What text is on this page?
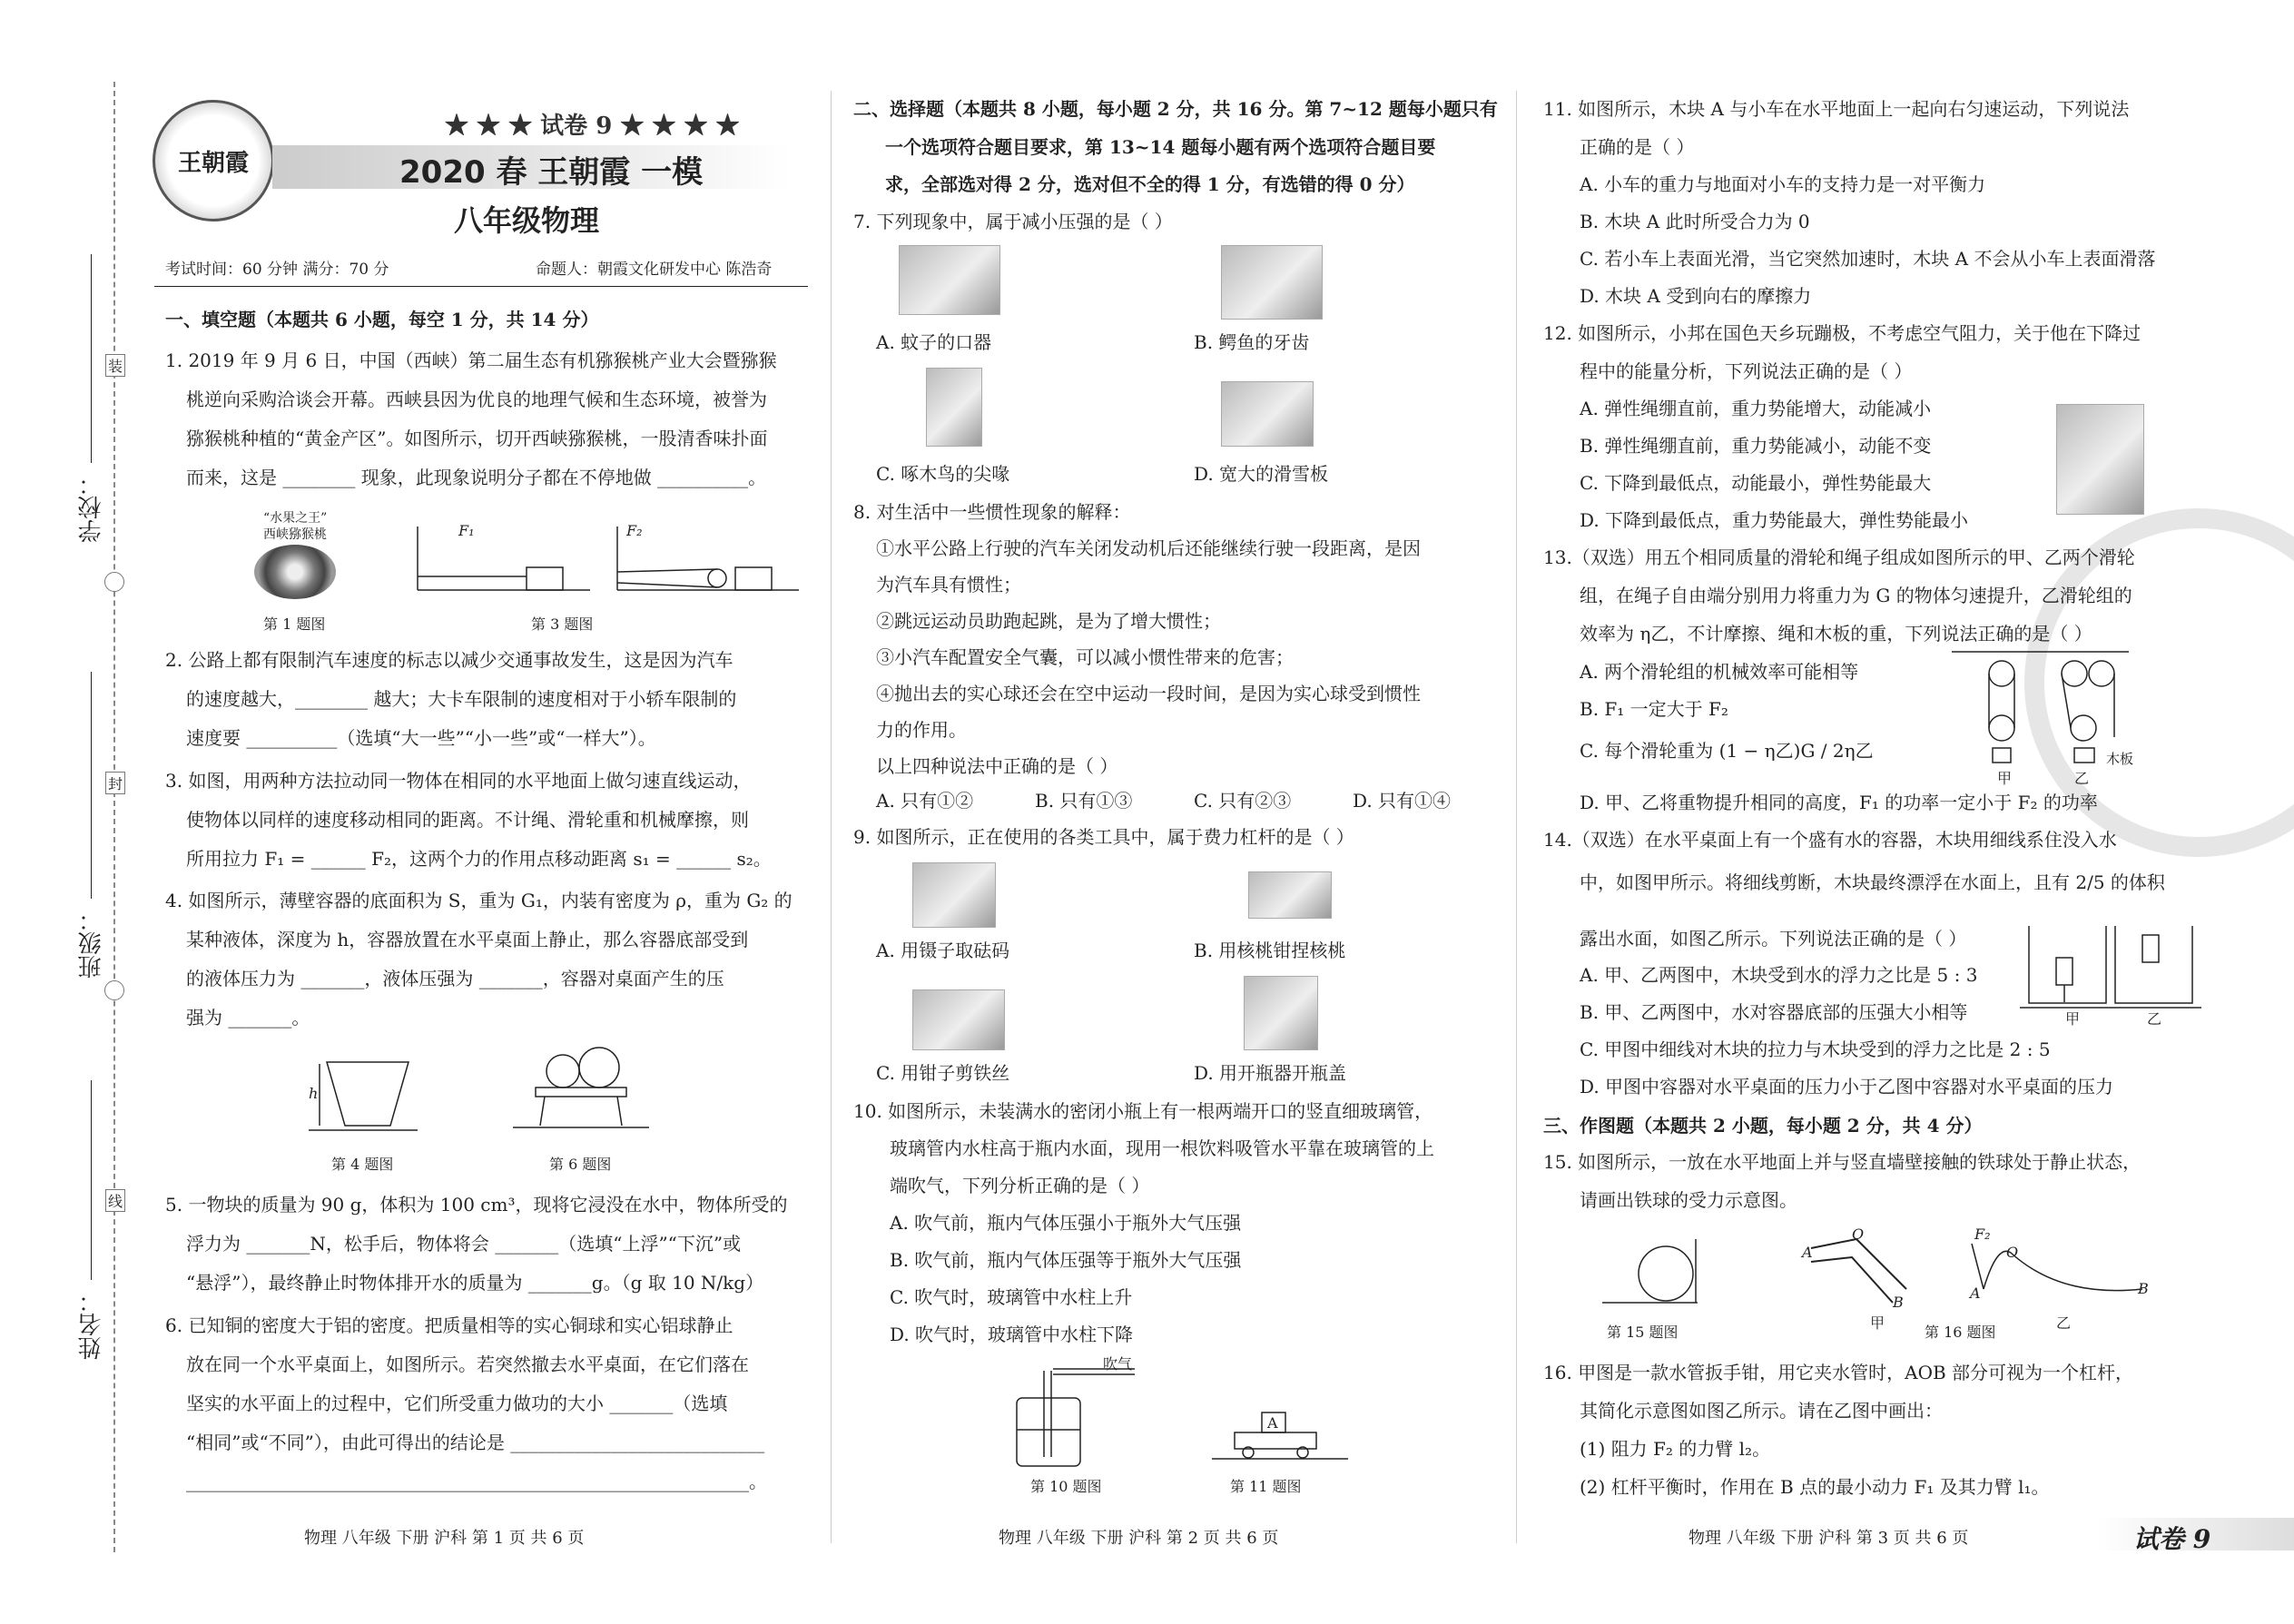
学校：
班级：
姓名：
装
封
线
王朝霞
★ ★ ★ 试卷 9 ★ ★ ★ ★
2020 春 王朝霞 一模
八年级物理
考试时间：60 分钟 满分：70 分	命题人：朝霞文化研发中心 陈浩奇
一、填空题（本题共 6 小题，每空 1 分，共 14 分）
1. 2019 年 9 月 6 日，中国（西峡）第二届生态有机猕猴桃产业大会暨猕猴
桃逆向采购洽谈会开幕。西峡县因为优良的地理气候和生态环境，被誉为
猕猴桃种植的“黄金产区”。如图所示，切开西峡猕猴桃，一股清香味扑面
而来，这是 ________ 现象，此现象说明分子都在不停地做 __________。
“水果之王”
西峡猕猴桃
第 1 题图
F₁	F₂
第 3 题图
2. 公路上都有限制汽车速度的标志以减少交通事故发生，这是因为汽车
的速度越大，________ 越大；大卡车限制的速度相对于小轿车限制的
速度要 __________（选填“大一些”“小一些”或“一样大”）。
3. 如图，用两种方法拉动同一物体在相同的水平地面上做匀速直线运动，
使物体以同样的速度移动相同的距离。不计绳、滑轮重和机械摩擦，则
所用拉力 F₁ = ______ F₂，这两个力的作用点移动距离 s₁ = ______ s₂。
4. 如图所示，薄壁容器的底面积为 S，重为 G₁，内装有密度为 ρ，重为 G₂ 的
某种液体，深度为 h，容器放置在水平桌面上静止，那么容器底部受到
的液体压力为 _______，液体压强为 _______，容器对桌面产生的压
强为 _______。
h
第 4 题图	第 6 题图
5. 一物块的质量为 90 g，体积为 100 cm³，现将它浸没在水中，物体所受的
浮力为 _______N，松手后，物体将会 _______（选填“上浮”“下沉”或
“悬浮”），最终静止时物体排开水的质量为 _______g。（g 取 10 N/kg）
6. 已知铜的密度大于铝的密度。把质量相等的实心铜球和实心铝球静止
放在同一个水平桌面上，如图所示。若突然撤去水平桌面，在它们落在
坚实的水平面上的过程中，它们所受重力做功的大小 _______（选填
“相同”或“不同”），由此可得出的结论是 ____________________________
______________________________________________________________。
物理 八年级 下册 沪科 第 1 页 共 6 页
二、选择题（本题共 8 小题，每小题 2 分，共 16 分。第 7~12 题每小题只有
一个选项符合题目要求，第 13~14 题每小题有两个选项符合题目要
求，全部选对得 2 分，选对但不全的得 1 分，有选错的得 0 分）
7. 下列现象中，属于减小压强的是（ ）
A. 蚊子的口器	B. 鳄鱼的牙齿
C. 啄木鸟的尖喙	D. 宽大的滑雪板
8. 对生活中一些惯性现象的解释：
①水平公路上行驶的汽车关闭发动机后还能继续行驶一段距离，是因
为汽车具有惯性；
②跳远运动员助跑起跳，是为了增大惯性；
③小汽车配置安全气囊，可以减小惯性带来的危害；
④抛出去的实心球还会在空中运动一段时间，是因为实心球受到惯性
力的作用。
以上四种说法中正确的是（ ）
A. 只有①②	B. 只有①③	C. 只有②③	D. 只有①④
9. 如图所示，正在使用的各类工具中，属于费力杠杆的是（ ）
A. 用镊子取砝码	B. 用核桃钳捏核桃
C. 用钳子剪铁丝	D. 用开瓶器开瓶盖
10. 如图所示，未装满水的密闭小瓶上有一根两端开口的竖直细玻璃管，
玻璃管内水柱高于瓶内水面，现用一根饮料吸管水平靠在玻璃管的上
端吹气，下列分析正确的是（ ）
A. 吹气前，瓶内气体压强小于瓶外大气压强
B. 吹气前，瓶内气体压强等于瓶外大气压强
C. 吹气时，玻璃管中水柱上升
D. 吹气时，玻璃管中水柱下降
吹气
第 10 题图
A
第 11 题图
物理 八年级 下册 沪科 第 2 页 共 6 页
11. 如图所示，木块 A 与小车在水平地面上一起向右匀速运动，下列说法
正确的是（ ）
A. 小车的重力与地面对小车的支持力是一对平衡力
B. 木块 A 此时所受合力为 0
C. 若小车上表面光滑，当它突然加速时，木块 A 不会从小车上表面滑落
D. 木块 A 受到向右的摩擦力
12. 如图所示，小邦在国色天乡玩蹦极，不考虑空气阻力，关于他在下降过
程中的能量分析，下列说法正确的是（ ）
A. 弹性绳绷直前，重力势能增大，动能减小
B. 弹性绳绷直前，重力势能减小，动能不变
C. 下降到最低点，动能最小，弹性势能最大
D. 下降到最低点，重力势能最大，弹性势能最小
13.（双选）用五个相同质量的滑轮和绳子组成如图所示的甲、乙两个滑轮
组，在绳子自由端分别用力将重力为 G 的物体匀速提升，乙滑轮组的
效率为 η乙，不计摩擦、绳和木板的重，下列说法正确的是（ ）
A. 两个滑轮组的机械效率可能相等
B. F₁ 一定大于 F₂
C. 每个滑轮重为 (1 − η乙)G / 2η乙
D. 甲、乙将重物提升相同的高度，F₁ 的功率一定小于 F₂ 的功率
甲	乙
木板
14.（双选）在水平桌面上有一个盛有水的容器，木块用细线系住没入水
中，如图甲所示。将细线剪断，木块最终漂浮在水面上，且有 2/5 的体积
露出水面，如图乙所示。下列说法正确的是（ ）
A. 甲、乙两图中，木块受到水的浮力之比是 5 : 3
B. 甲、乙两图中，水对容器底部的压强大小相等
C. 甲图中细线对木块的拉力与木块受到的浮力之比是 2 : 5
D. 甲图中容器对水平桌面的压力小于乙图中容器对水平桌面的压力
甲	乙
三、作图题（本题共 2 小题，每小题 2 分，共 4 分）
15. 如图所示，一放在水平地面上并与竖直墙壁接触的铁球处于静止状态，
请画出铁球的受力示意图。
第 15 题图
A
O
B
F₂
O
A	B
甲	乙
第 16 题图
16. 甲图是一款水管扳手钳，用它夹水管时，AOB 部分可视为一个杠杆，
其简化示意图如图乙所示。请在乙图中画出：
(1) 阻力 F₂ 的力臂 l₂。
(2) 杠杆平衡时，作用在 B 点的最小动力 F₁ 及其力臂 l₁。
物理 八年级 下册 沪科 第 3 页 共 6 页	试卷 9
